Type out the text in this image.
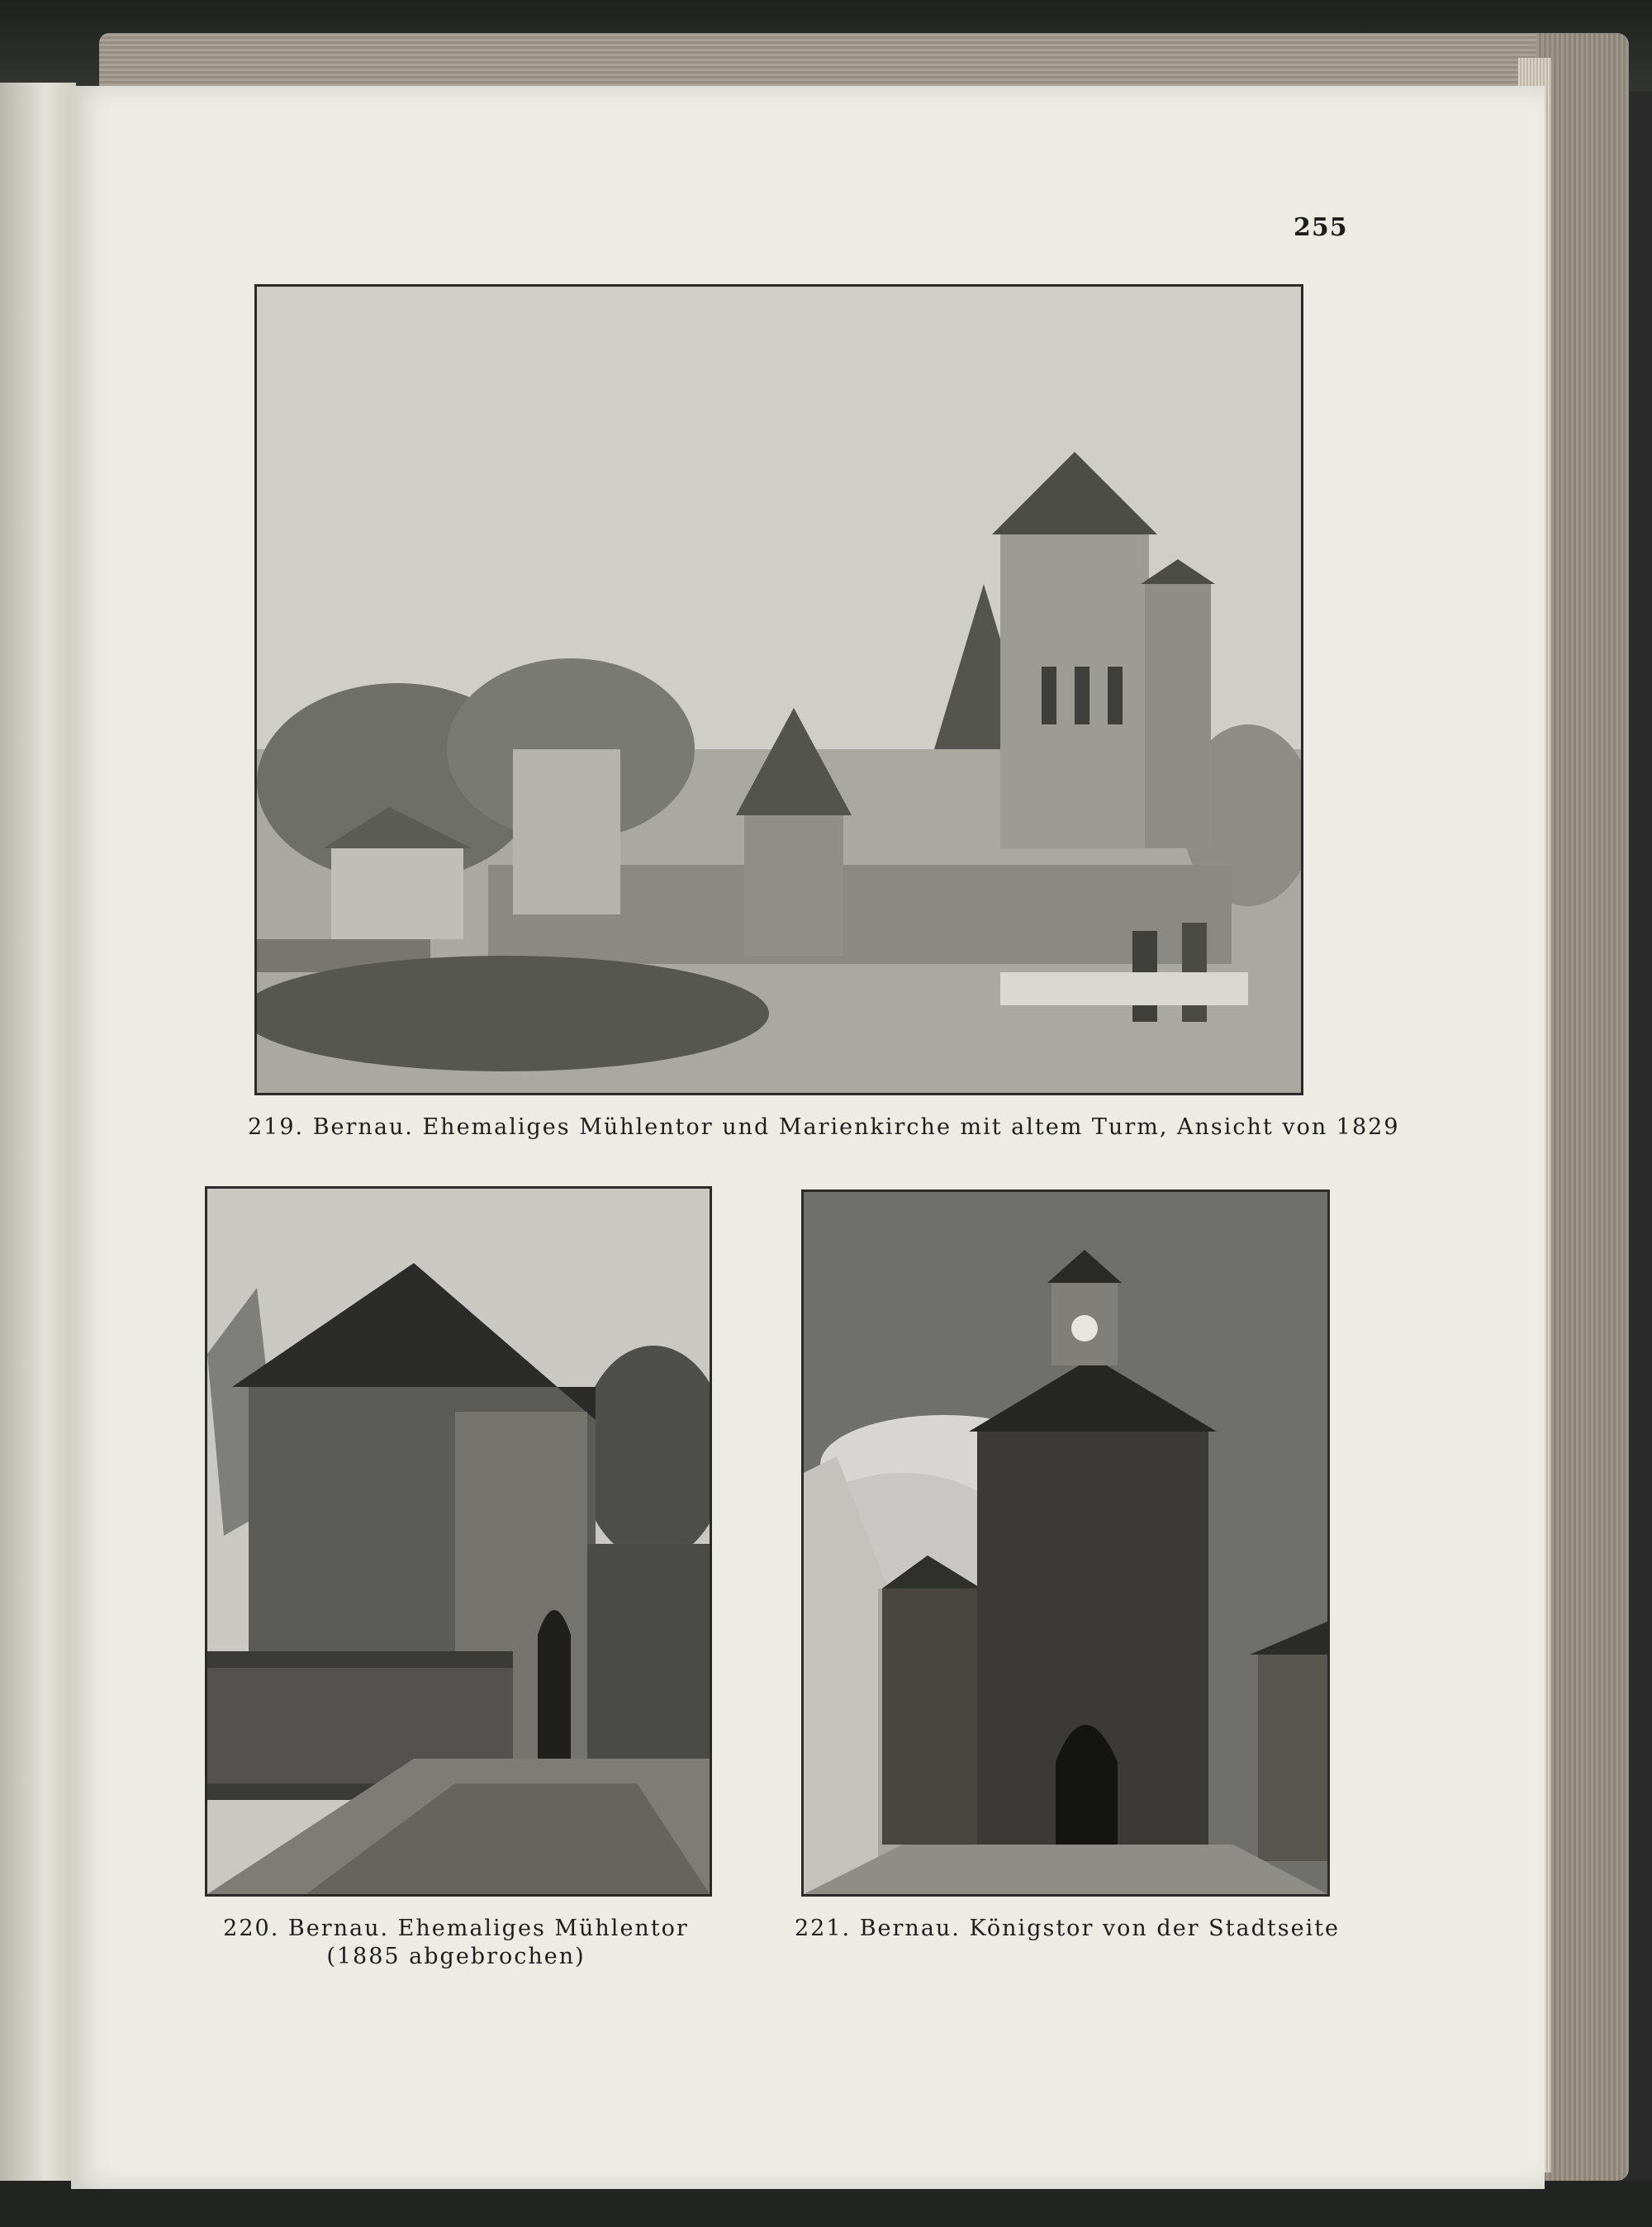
255
219. Bernau. Ehemaliges Mühlentor und Marienkirche mit altem Turm, Ansicht von 1829
220. Bernau. Ehemaliges Mühlentor
(1885 abgebrochen)
221. Bernau. Königstor von der Stadtseite
